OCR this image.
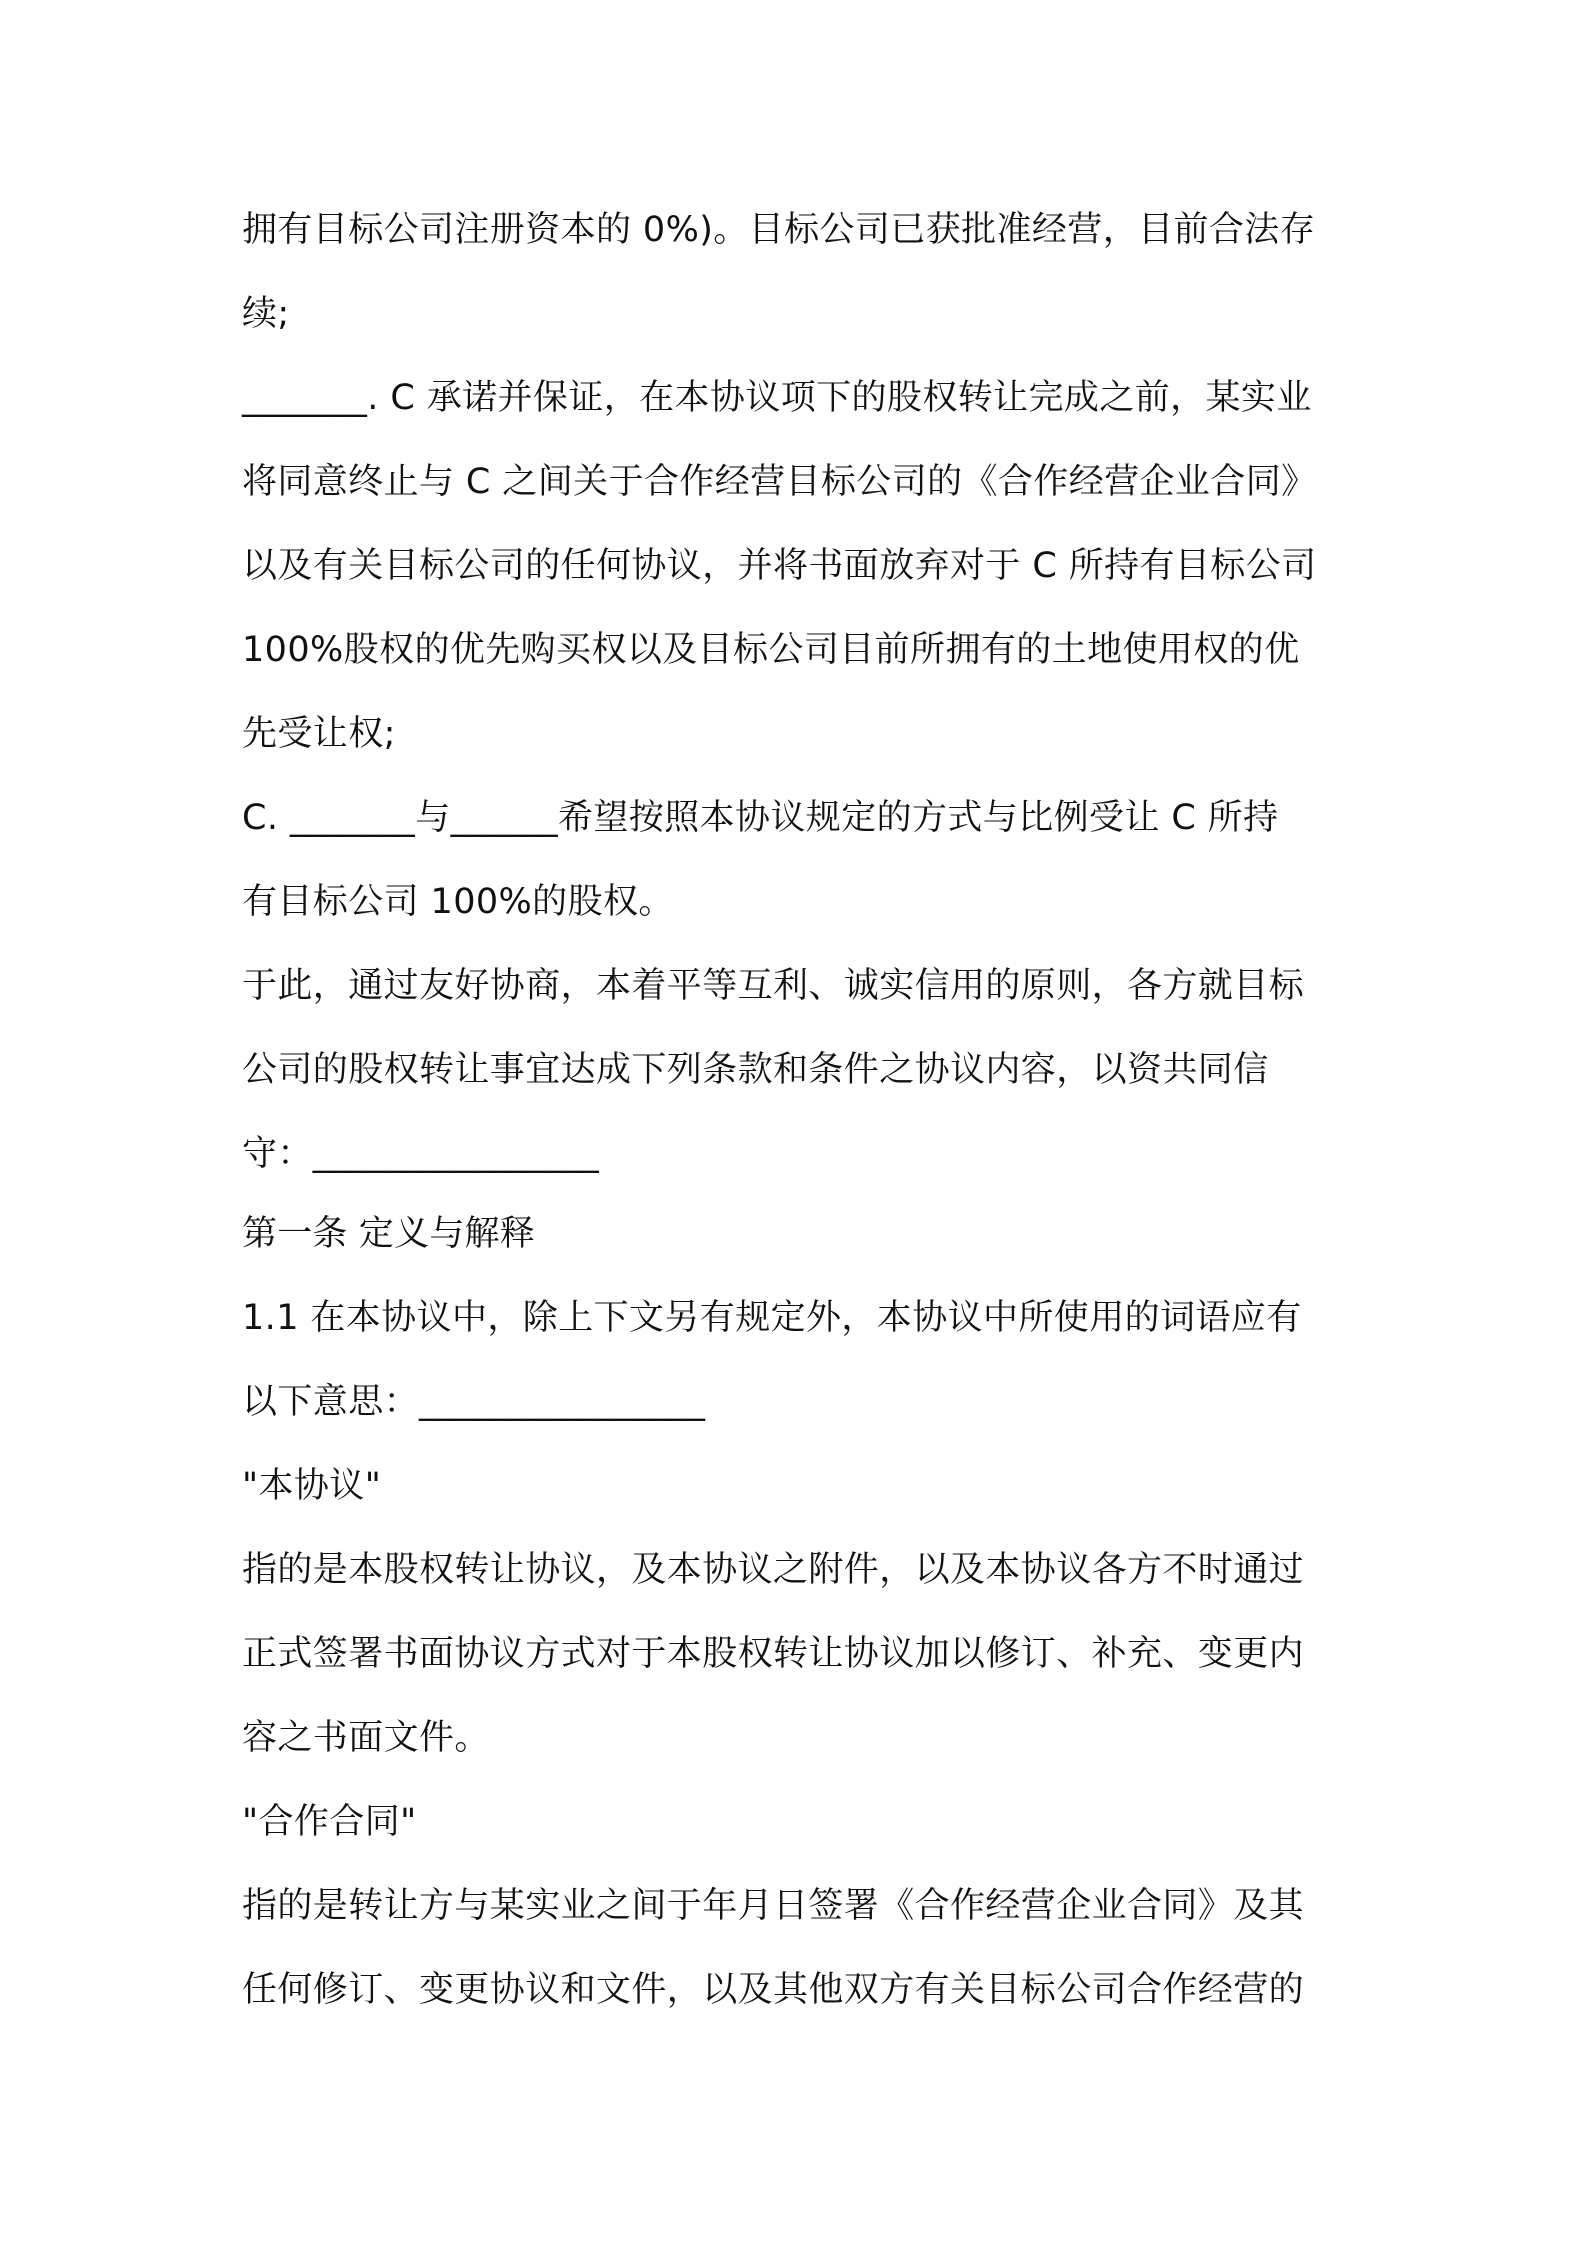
拥有目标公司注册资本的 0%)。目标公司已获批准经营，目前合法存
续;
_______. C 承诺并保证，在本协议项下的股权转让完成之前，某实业
将同意终止与 C 之间关于合作经营目标公司的《合作经营企业合同》
以及有关目标公司的任何协议，并将书面放弃对于 C 所持有目标公司
100%股权的优先购买权以及目标公司目前所拥有的土地使用权的优
先受让权;
C. _______与______希望按照本协议规定的方式与比例受让 C 所持
有目标公司 100%的股权。
于此，通过友好协商，本着平等互利、诚实信用的原则，各方就目标
公司的股权转让事宜达成下列条款和条件之协议内容，以资共同信
守：________________
第一条 定义与解释
1.1 在本协议中，除上下文另有规定外，本协议中所使用的词语应有
以下意思：________________
"本协议"
指的是本股权转让协议，及本协议之附件，以及本协议各方不时通过
正式签署书面协议方式对于本股权转让协议加以修订、补充、变更内
容之书面文件。
"合作合同"
指的是转让方与某实业之间于年月日签署《合作经营企业合同》及其
任何修订、变更协议和文件，以及其他双方有关目标公司合作经营的
